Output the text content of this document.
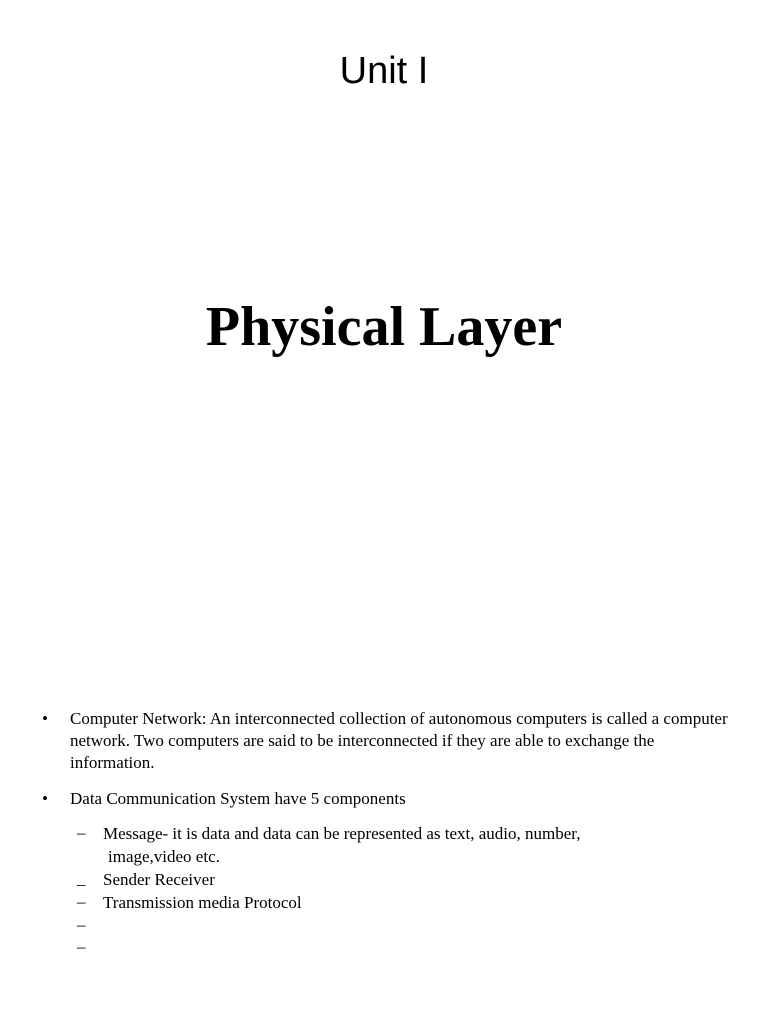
Unit I
Physical Layer
•	Computer Network: An interconnected collection of autonomous computers is called a computer network. Two computers are said to be interconnected if they are able to exchange the information.
•	Data Communication System have 5 components
–	Message- it is data and data can be represented as text, audio, number,
image,video etc.
_	Sender Receiver
–	Transmission media Protocol
–
–
